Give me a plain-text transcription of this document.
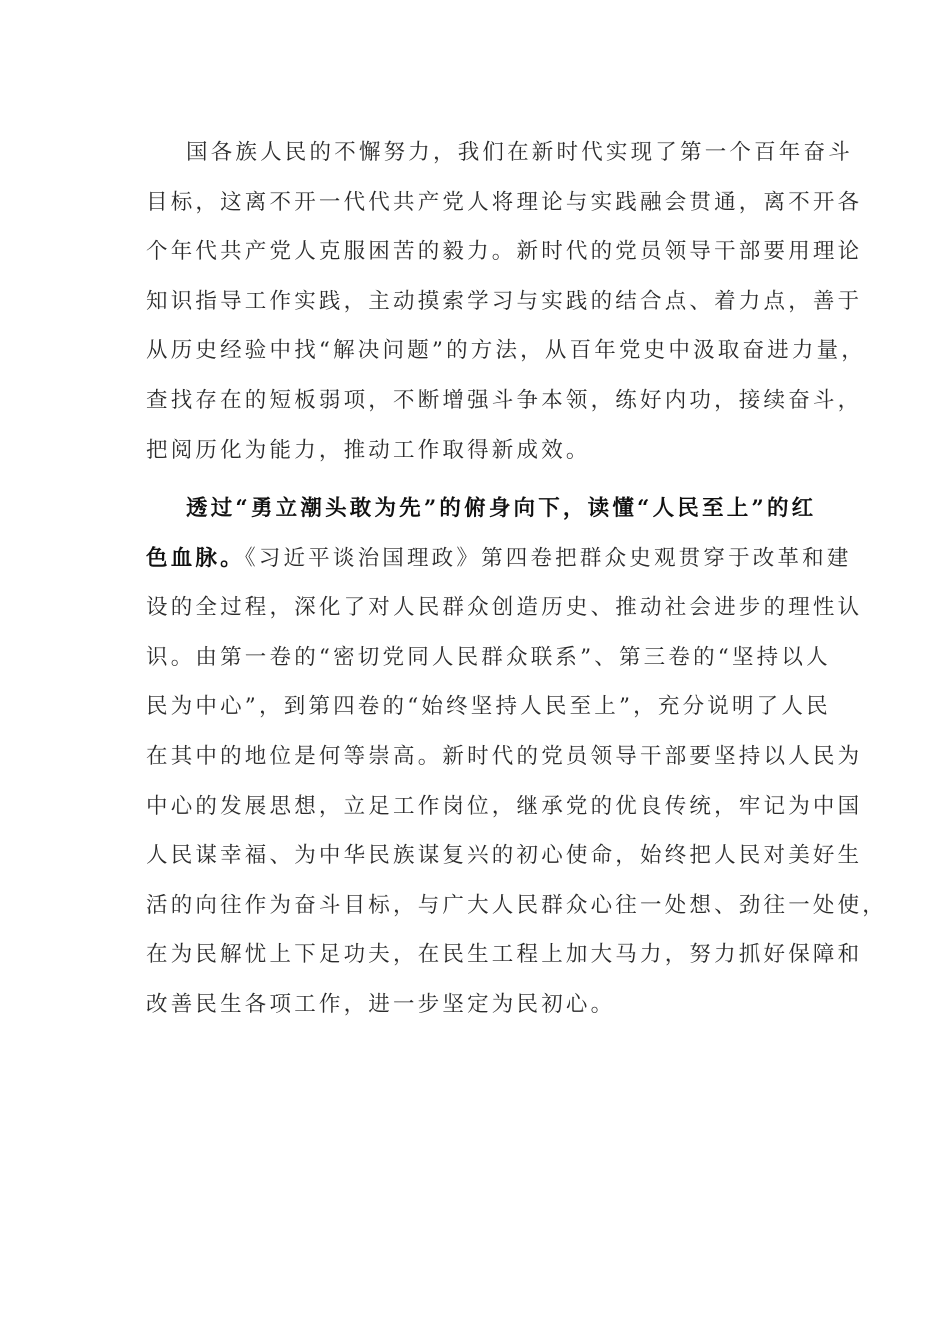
国各族人民的不懈努力，我们在新时代实现了第一个百年奋斗
目标，这离不开一代代共产党人将理论与实践融会贯通，离不开各
个年代共产党人克服困苦的毅力。新时代的党员领导干部要用理论
知识指导工作实践，主动摸索学习与实践的结合点、着力点，善于
从历史经验中找“解决问题”的方法，从百年党史中汲取奋进力量，
查找存在的短板弱项，不断增强斗争本领，练好内功，接续奋斗，
把阅历化为能力，推动工作取得新成效。
透过“勇立潮头敢为先”的俯身向下，读懂“人民至上”的红
色血脉。《习近平谈治国理政》第四卷把群众史观贯穿于改革和建
设的全过程，深化了对人民群众创造历史、推动社会进步的理性认
识。由第一卷的“密切党同人民群众联系”、第三卷的“坚持以人
民为中心”，到第四卷的“始终坚持人民至上”，充分说明了人民
在其中的地位是何等崇高。新时代的党员领导干部要坚持以人民为
中心的发展思想，立足工作岗位，继承党的优良传统，牢记为中国
人民谋幸福、为中华民族谋复兴的初心使命，始终把人民对美好生
活的向往作为奋斗目标，与广大人民群众心往一处想、劲往一处使，
在为民解忧上下足功夫，在民生工程上加大马力，努力抓好保障和
改善民生各项工作，进一步坚定为民初心。
